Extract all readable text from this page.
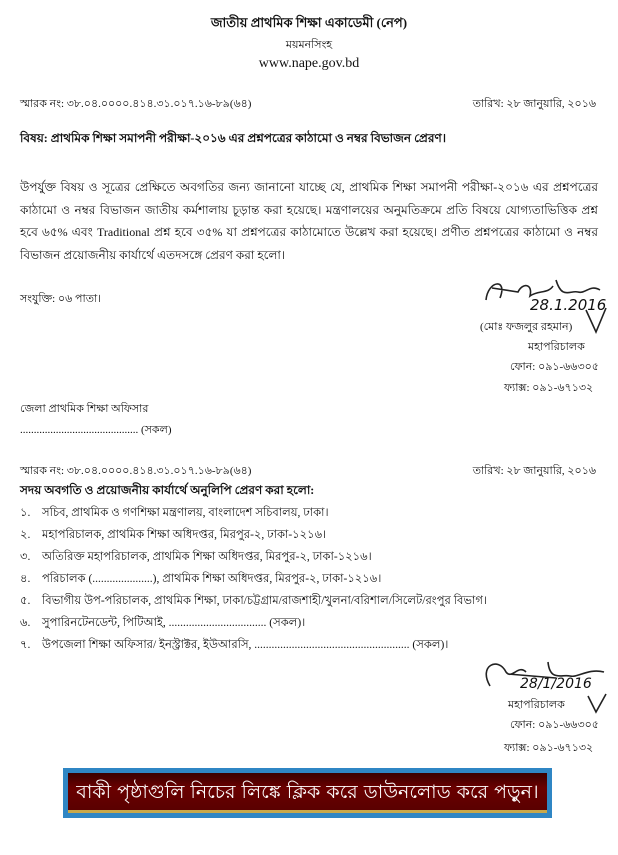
জাতীয় প্রাথমিক শিক্ষা একাডেমী (নেপ)
ময়মনসিংহ
www.nape.gov.bd
স্মারক নং: ৩৮.০৪.০০০০.৪১৪.৩১.০১৭.১৬-৮৯(৬৪)	তারিখ: ২৮ জানুয়ারি, ২০১৬
বিষয়: প্রাথমিক শিক্ষা সমাপনী পরীক্ষা-২০১৬ এর প্রশ্নপত্রের কাঠামো ও নম্বর বিভাজন প্রেরণ।
উপর্যুক্ত বিষয় ও সূত্রের প্রেক্ষিতে অবগতির জন্য জানানো যাচ্ছে যে, প্রাথমিক শিক্ষা সমাপনী পরীক্ষা-২০১৬ এর প্রশ্নপত্রের কাঠামো ও নম্বর বিভাজন জাতীয় কর্মশালায় চূড়ান্ত করা হয়েছে। মন্ত্রণালয়ের অনুমতিক্রমে প্রতি বিষয়ে যোগ্যতাভিত্তিক প্রশ্ন হবে ৬৫% এবং Traditional প্রশ্ন হবে ৩৫% যা প্রশ্নপত্রের কাঠামোতে উল্লেখ করা হয়েছে। প্রণীত প্রশ্নপত্রের কাঠামো ও নম্বর বিভাজন প্রয়োজনীয় কার্যার্থে এতদসঙ্গে প্রেরণ করা হলো।
সংযুক্তি: ০৬ পাতা।	28.1.2016
(মোঃ ফজলুর রহমান)
মহাপরিচালক
ফোন: ০৯১-৬৬৩০৫
ফ্যাক্স: ০৯১-৬৭১৩২
জেলা প্রাথমিক শিক্ষা অফিসার
........................................... (সকল)
স্মারক নং: ৩৮.০৪.০০০০.৪১৪.৩১.০১৭.১৬-৮৯(৬৪)	তারিখ: ২৮ জানুয়ারি, ২০১৬
সদয় অবগতি ও প্রয়োজনীয় কার্যার্থে অনুলিপি প্রেরণ করা হলো:
১. সচিব, প্রাথমিক ও গণশিক্ষা মন্ত্রণালয়, বাংলাদেশ সচিবালয়, ঢাকা।
২. মহাপরিচালক, প্রাথমিক শিক্ষা অধিদপ্তর, মিরপুর-২, ঢাকা-১২১৬।
৩. অতিরিক্ত মহাপরিচালক, প্রাথমিক শিক্ষা অধিদপ্তর, মিরপুর-২, ঢাকা-১২১৬।
৪. পরিচালক (.....................), প্রাথমিক শিক্ষা অধিদপ্তর, মিরপুর-২, ঢাকা-১২১৬।
৫. বিভাগীয় উপ-পরিচালক, প্রাথমিক শিক্ষা, ঢাকা/চট্টগ্রাম/রাজশাহী/খুলনা/বরিশাল/সিলেট/রংপুর বিভাগ।
৬. সুপারিনটেনডেন্ট, পিটিআই, .................................. (সকল)।
৭. উপজেলা শিক্ষা অফিসার/ ইনস্ট্রাক্টর, ইউআরসি, ...................................................... (সকল)।
28/1/2016
মহাপরিচালক
ফোন: ০৯১-৬৬৩০৫
ফ্যাক্স: ০৯১-৬৭১৩২
বাকী পৃষ্ঠাগুলি নিচের লিঙ্কে ক্লিক করে ডাউনলোড করে পড়ুন।
